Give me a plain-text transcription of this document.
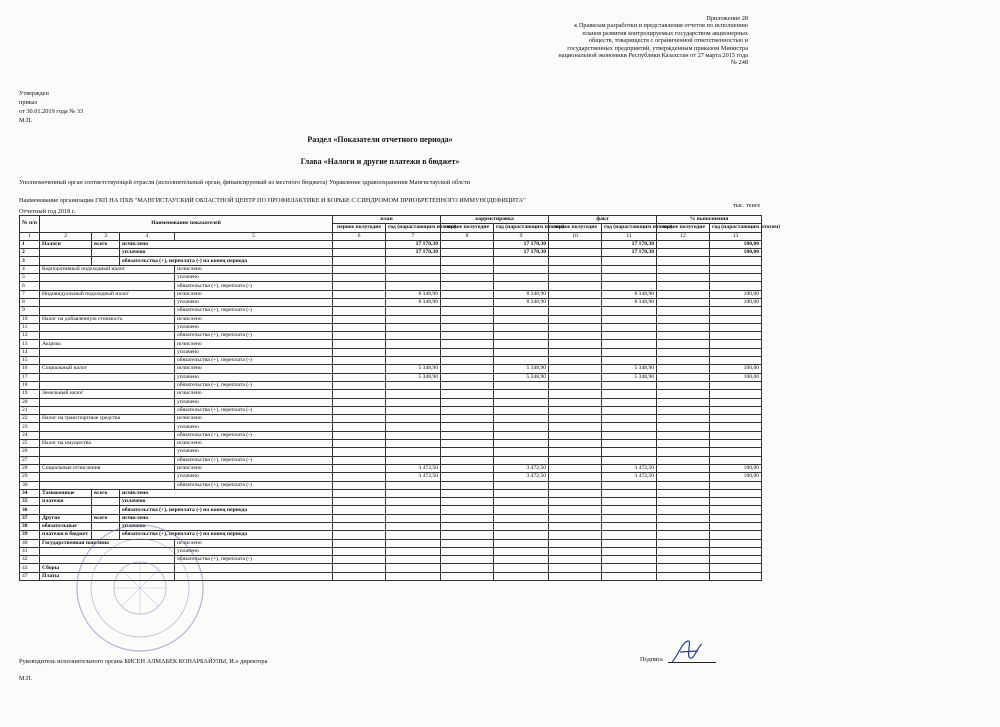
Приложение 28
к Правилам разработки и представления отчетов по исполнению
планов развития контролируемых государством акционерных
обществ, товариществ с ограниченной ответственностью и
государственных предприятий, утвержденным приказом Министра
национальной экономики Республики Казахстан от 27 марта 2015 года
№ 248
Утвержден
приказ
от 30.01.2019 года № 33
М.П.
Раздел «Показатели отчетного периода»
Глава «Налоги и другие платежи в бюджет»
Уполномоченный орган соответствующей отрасли (исполнительный орган, финансируемый из местного бюджета) Управление здравоохранения Мангистауской облсти
Наименование организации ГКП НА ПХВ "МАНГИСТАУСКИЙ ОБЛАСТНОЙ ЦЕНТР ПО ПРОФИЛАКТИКЕ И БОРЬБЕ С СИНДРОМОМ ПРИОБРЕТЕННОГО ИММУНОДЕФИЦИТА"
Отчетный год 2018 г.
тыс. тенге
№ п/п	Наименование показателей				план		корректировка		факт		% выполнения	
					первое полугодие	год (нарастающим итогом)	первое полугодие	год (нарастающим итогом)	первое полугодие	год (нарастающим итогом)	первое полугодие	год (нарастающим итогом)
1	2	3	4	5	6	7	8	9	10	11	12	13
1	Налоги	всего	исчислено			17 170,30		17 170,30		17 170,30		100,00
2			уплачено			17 170,30		17 170,30		17 170,30		100,00
3			обязательства (+), переплата (-) на конец периода									
4	Корпоративный подоходный налог			исчислено								
5				уплачено								
6				обязательства (+), переплата (-)								
7	Индивидуальный подоходный налог			исчислено		8 348,90		8 348,90		8 348,90		100,00
8				уплачено		8 348,90		8 348,90		8 348,90		100,00
9				обязательства (+), переплата (-)								
10	Налог на добавленную стоимость			исчислено								
11				уплачено								
12				обязательства (+), переплата (-)								
13	Акцизы			исчислено								
14				уплачено								
15				обязательства (+), переплата (-)								
16	Социальный налог			исчислено		5 348,90		5 348,90		5 348,90		100,00
17				уплачено		5 348,90		5 348,90		5 348,90		100,00
18				обязательства (+), переплата (-)								
19	Земельный налог			исчислено								
20				уплачено								
21				обязательства (+), переплата (-)								
22	Налог на транспортные средства			исчислено								
23				уплачено								
24				обязательства (+), переплата (-)								
25	Налог на имущество			исчислено								
26				уплачено								
27				обязательства (+), переплата (-)								
28	Социальные отчисления			исчислено		3 472,50		3 472,50		3 472,50		100,00
29				уплачено		3 472,50		3 472,50		3 472,50		100,00
30				обязательства (+), переплата (-)								
34	Таможенные	всего	исчислено									
35	платежи		уплачено									
36			обязательства (+), переплата (-) на конец периода									
37	Другие	всего	исчислено									
38	обязательные		уплачено									
39	платежи в бюджет		обязательства (+), переплата (-) на конец периода									
40	Государственная пошлина			исчислено								
41				уплачено								
42				обязательства (+), переплата (-)								
43	Сборы											
47	Платы											
Руководитель исполнительного органа БИСЕН АЛМАБЕК КОНАРБАЙУЛЫ, И.о директора	Подпись
М.П.
